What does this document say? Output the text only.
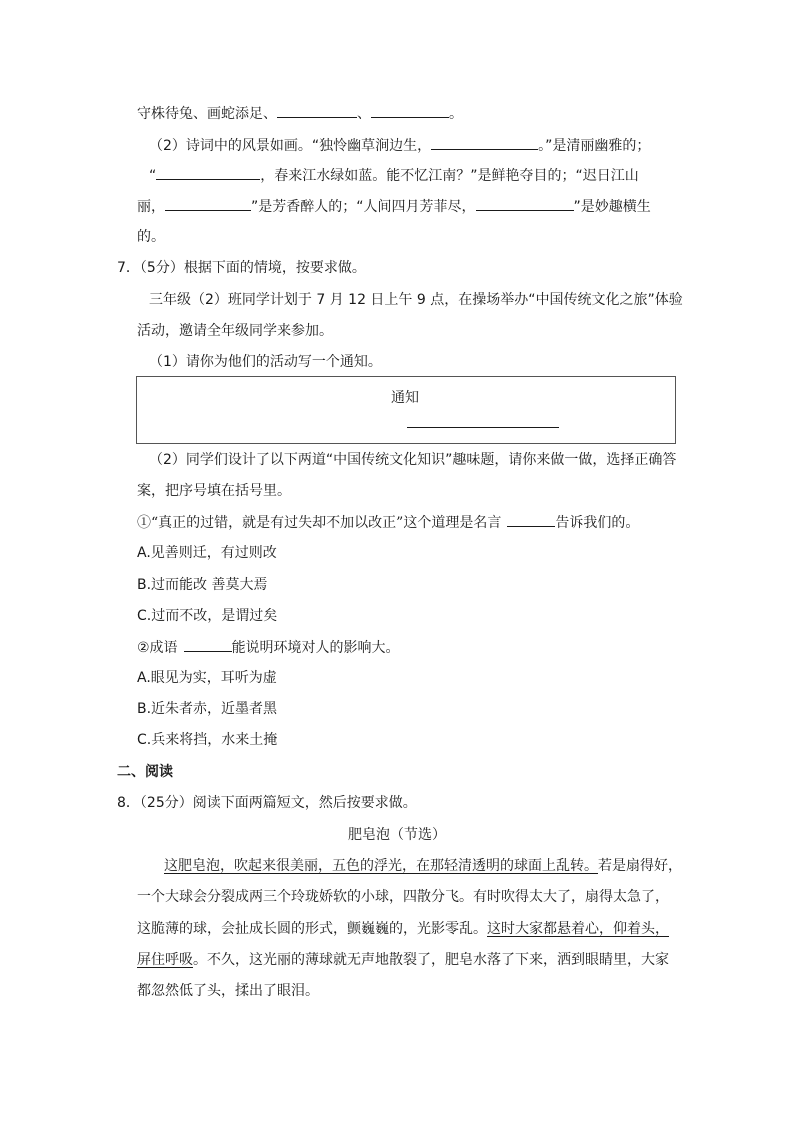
守株待兔、画蛇添足、	、	。
（2）诗词中的风景如画。“独怜幽草涧边生，	。”是清丽幽雅的；
“	，春来江水绿如蓝。能不忆江南？”是鲜艳夺目的；“迟日江山
丽，	”是芳香醉人的；“人间四月芳菲尽，	”是妙趣横生
的。
7．（5分）根据下面的情境，按要求做。
三年级（2）班同学计划于 7 月 12 日上午 9 点，在操场举办“中国传统文化之旅”体验
活动，邀请全年级同学来参加。
（1）请你为他们的活动写一个通知。
通知
（2）同学们设计了以下两道“中国传统文化知识”趣味题，请你来做一做，选择正确答
案，把序号填在括号里。
①“真正的过错，就是有过失却不加以改正”这个道理是名言	告诉我们的。
A.见善则迁，有过则改
B.过而能改 善莫大焉
C.过而不改，是谓过矣
②成语	能说明环境对人的影响大。
A.眼见为实，耳听为虚
B.近朱者赤，近墨者黑
C.兵来将挡，水来土掩
二、阅读
8．（25分）阅读下面两篇短文，然后按要求做。
肥皂泡（节选）
这肥皂泡，吹起来很美丽，五色的浮光，在那轻清透明的球面上乱转。若是扇得好，
一个大球会分裂成两三个玲珑娇软的小球，四散分飞。有时吹得太大了，扇得太急了，
这脆薄的球，会扯成长圆的形式，颤巍巍的，光影零乱。这时大家都悬着心，仰着头，
屏住呼吸。不久，这光丽的薄球就无声地散裂了，肥皂水落了下来，洒到眼睛里，大家
都忽然低了头，揉出了眼泪。
